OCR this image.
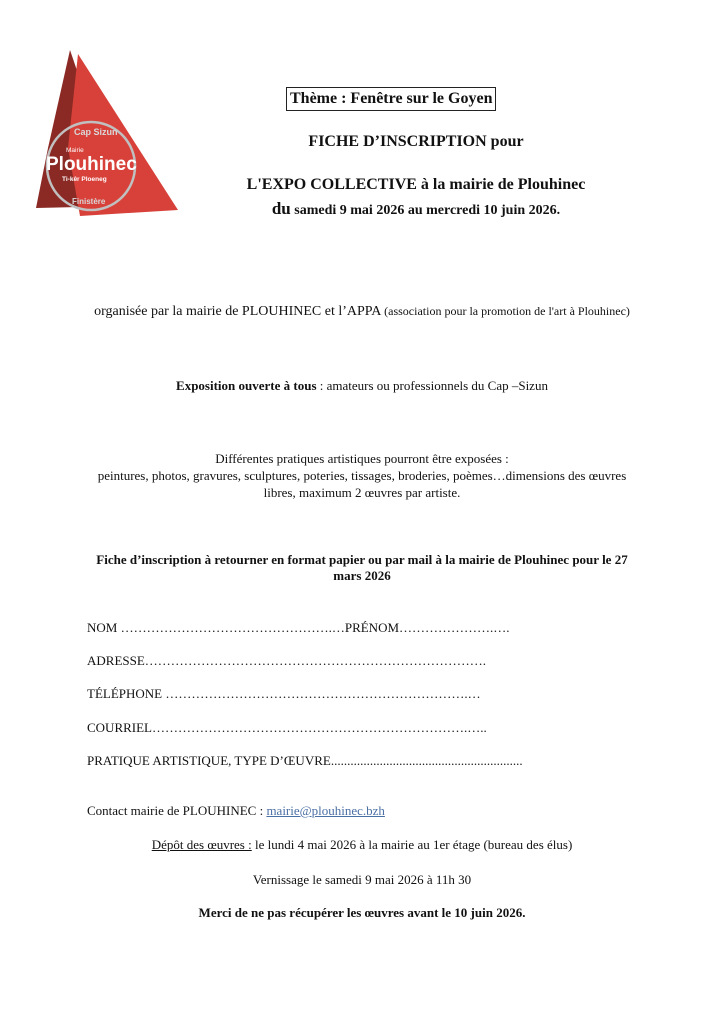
Cap Sizun
Mairie
Plouhinec
Ti-kêr Ploeneg
Finistère
Thème : Fenêtre sur le Goyen
FICHE D’INSCRIPTION pour
L'EXPO COLLECTIVE à la mairie de Plouhinec
du samedi 9 mai 2026 au mercredi 10 juin 2026.
organisée par la mairie de PLOUHINEC et l’APPA (association pour la promotion de l'art à Plouhinec)
Exposition ouverte à tous : amateurs ou professionnels du Cap –Sizun
Différentes pratiques artistiques pourront être exposées :
peintures, photos, gravures, sculptures, poteries, tissages, broderies, poèmes…dimensions des œuvres libres, maximum 2 œuvres par artiste.
Fiche d’inscription à retourner en format papier ou par mail à la mairie de Plouhinec pour le 27 mars 2026
NOM ………………………………………….…PRÉNOM………………….….
ADRESSE…………………………………………………………………….
TÉLÉPHONE …………………………………………………………….…
COURRIEL……………………………………………………………….…..
PRATIQUE ARTISTIQUE, TYPE D’ŒUVRE...........................................................
Contact mairie de PLOUHINEC : mairie@plouhinec.bzh
Dépôt des œuvres : le lundi 4 mai 2026 à la mairie au 1er étage (bureau des élus)
Vernissage le samedi 9 mai 2026 à 11h 30
Merci de ne pas récupérer les œuvres avant le 10 juin 2026.
